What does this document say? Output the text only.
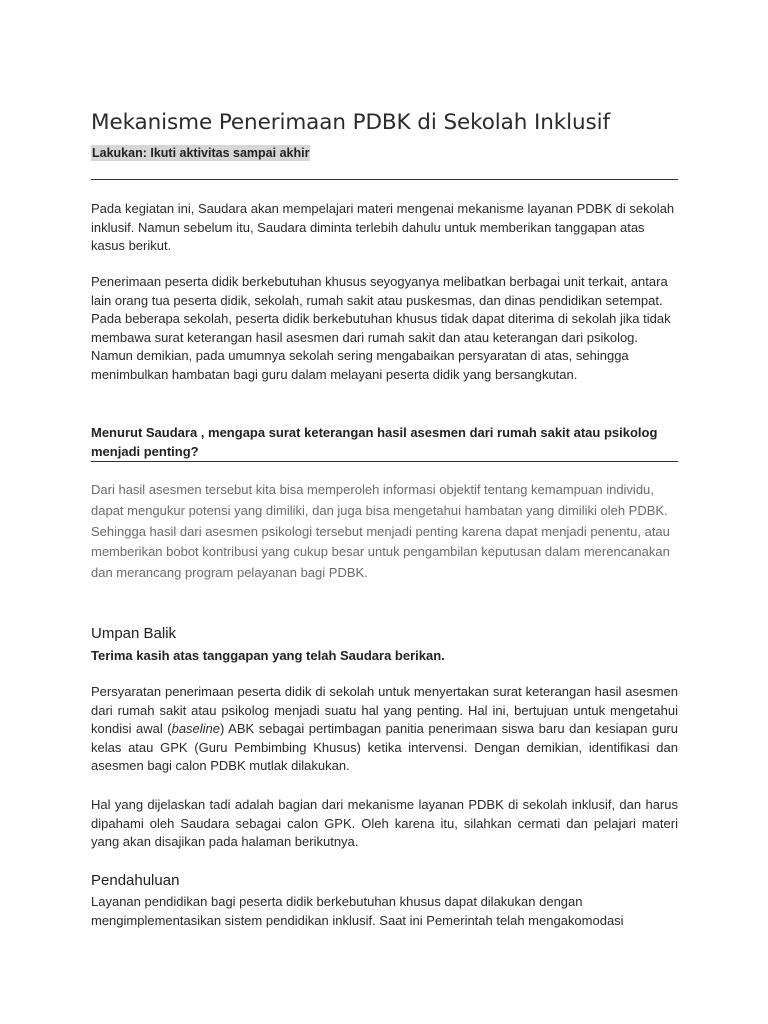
Mekanisme Penerimaan PDBK di Sekolah Inklusif
Lakukan: Ikuti aktivitas sampai akhir

Pada kegiatan ini, Saudara akan mempelajari materi mengenai mekanisme layanan PDBK di sekolah inklusif. Namun sebelum itu, Saudara diminta terlebih dahulu untuk memberikan tanggapan atas kasus berikut.

Penerimaan peserta didik berkebutuhan khusus seyogyanya melibatkan berbagai unit terkait, antara lain orang tua peserta didik, sekolah, rumah sakit atau puskesmas, dan dinas pendidikan setempat. Pada beberapa sekolah, peserta didik berkebutuhan khusus tidak dapat diterima di sekolah jika tidak membawa surat keterangan hasil asesmen dari rumah sakit dan atau keterangan dari psikolog. Namun demikian, pada umumnya sekolah sering mengabaikan persyaratan di atas, sehingga menimbulkan hambatan bagi guru dalam melayani peserta didik yang bersangkutan.

Menurut Saudara , mengapa surat keterangan hasil asesmen dari rumah sakit atau psikolog menjadi penting?
Dari hasil asesmen tersebut kita bisa memperoleh informasi objektif tentang kemampuan individu, dapat mengukur potensi yang dimiliki, dan juga bisa mengetahui hambatan yang dimiliki oleh PDBK. Sehingga hasil dari asesmen psikologi tersebut menjadi penting karena dapat menjadi penentu, atau memberikan bobot kontribusi yang cukup besar untuk pengambilan keputusan dalam merencanakan dan merancang program pelayanan bagi PDBK.
Umpan Balik
Terima kasih atas tanggapan yang telah Saudara berikan.

Persyaratan penerimaan peserta didik di sekolah untuk menyertakan surat keterangan hasil asesmen dari rumah sakit atau psikolog menjadi suatu hal yang penting. Hal ini, bertujuan untuk mengetahui kondisi awal (baseline) ABK sebagai pertimbagan panitia penerimaan siswa baru dan kesiapan guru kelas atau GPK (Guru Pembimbing Khusus) ketika intervensi. Dengan demikian, identifikasi dan asesmen bagi calon PDBK mutlak dilakukan.

Hal yang dijelaskan tadi adalah bagian dari mekanisme layanan PDBK di sekolah inklusif, dan harus dipahami oleh Saudara sebagai calon GPK. Oleh karena itu, silahkan cermati dan pelajari materi yang akan disajikan pada halaman berikutnya.

Pendahuluan

Layanan pendidikan bagi peserta didik berkebutuhan khusus dapat dilakukan dengan mengimplementasikan sistem pendidikan inklusif. Saat ini Pemerintah telah mengakomodasi
